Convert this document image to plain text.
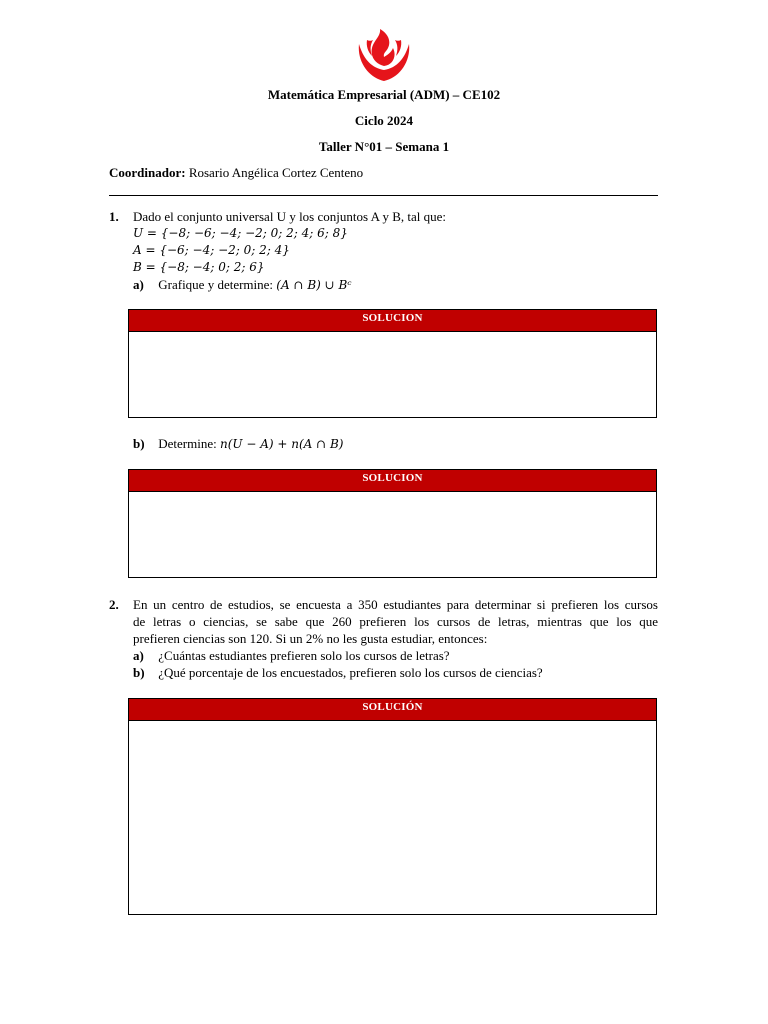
Matemática Empresarial (ADM) – CE102
Ciclo 2024
Taller N°01 – Semana 1
Coordinador: Rosario Angélica Cortez Centeno
1. Dado el conjunto universal U y los conjuntos A y B, tal que:
U = {−8; −6; −4; −2; 0; 2; 4; 6; 8}
A = {−6; −4; −2; 0; 2; 4}
B = {−8; −4; 0; 2; 6}
a) Grafique y determine: (A ∩ B) ∪ Bᶜ
SOLUCION
b) Determine: n(U − A) + n(A ∩ B)
SOLUCION
2. En un centro de estudios, se encuesta a 350 estudiantes para determinar si prefieren los cursos
de letras o ciencias, se sabe que 260 prefieren los cursos de letras, mientras que los que
prefieren ciencias son 120. Si un 2% no les gusta estudiar, entonces:
a) ¿Cuántas estudiantes prefieren solo los cursos de letras?
b) ¿Qué porcentaje de los encuestados, prefieren solo los cursos de ciencias?
SOLUCIÓN
